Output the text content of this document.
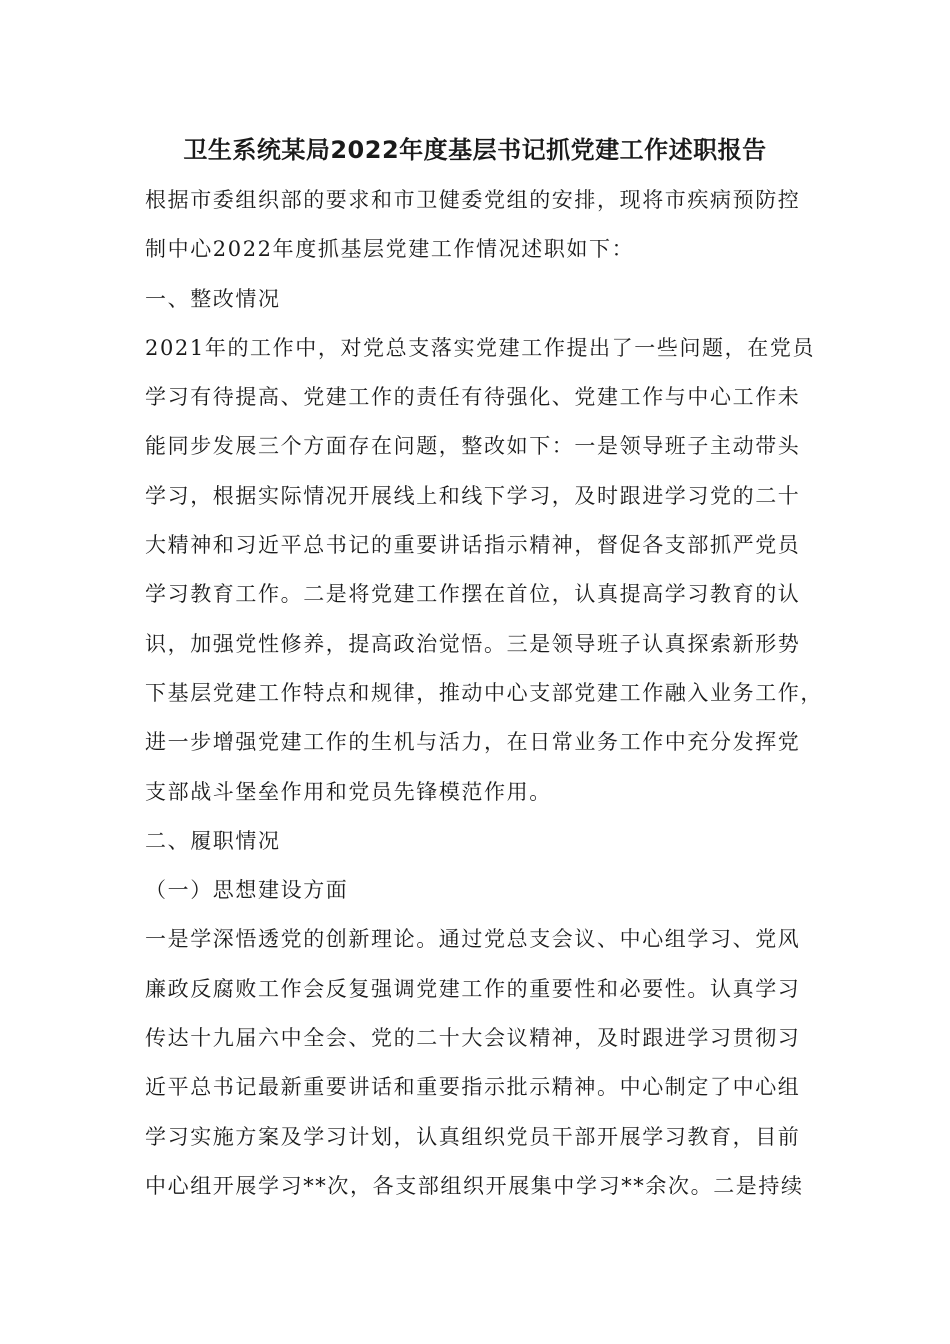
卫生系统某局2022年度基层书记抓党建工作述职报告
根据市委组织部的要求和市卫健委党组的安排，现将市疾病预防控
制中心2022年度抓基层党建工作情况述职如下：
一、整改情况
2021年的工作中，对党总支落实党建工作提出了一些问题，在党员
学习有待提高、党建工作的责任有待强化、党建工作与中心工作未
能同步发展三个方面存在问题，整改如下：一是领导班子主动带头
学习，根据实际情况开展线上和线下学习，及时跟进学习党的二十
大精神和习近平总书记的重要讲话指示精神，督促各支部抓严党员
学习教育工作。二是将党建工作摆在首位，认真提高学习教育的认
识，加强党性修养，提高政治觉悟。三是领导班子认真探索新形势
下基层党建工作特点和规律，推动中心支部党建工作融入业务工作，
进一步增强党建工作的生机与活力，在日常业务工作中充分发挥党
支部战斗堡垒作用和党员先锋模范作用。
二、履职情况
（一）思想建设方面
一是学深悟透党的创新理论。通过党总支会议、中心组学习、党风
廉政反腐败工作会反复强调党建工作的重要性和必要性。认真学习
传达十九届六中全会、党的二十大会议精神，及时跟进学习贯彻习
近平总书记最新重要讲话和重要指示批示精神。中心制定了中心组
学习实施方案及学习计划，认真组织党员干部开展学习教育，目前
中心组开展学习**次，各支部组织开展集中学习**余次。二是持续
